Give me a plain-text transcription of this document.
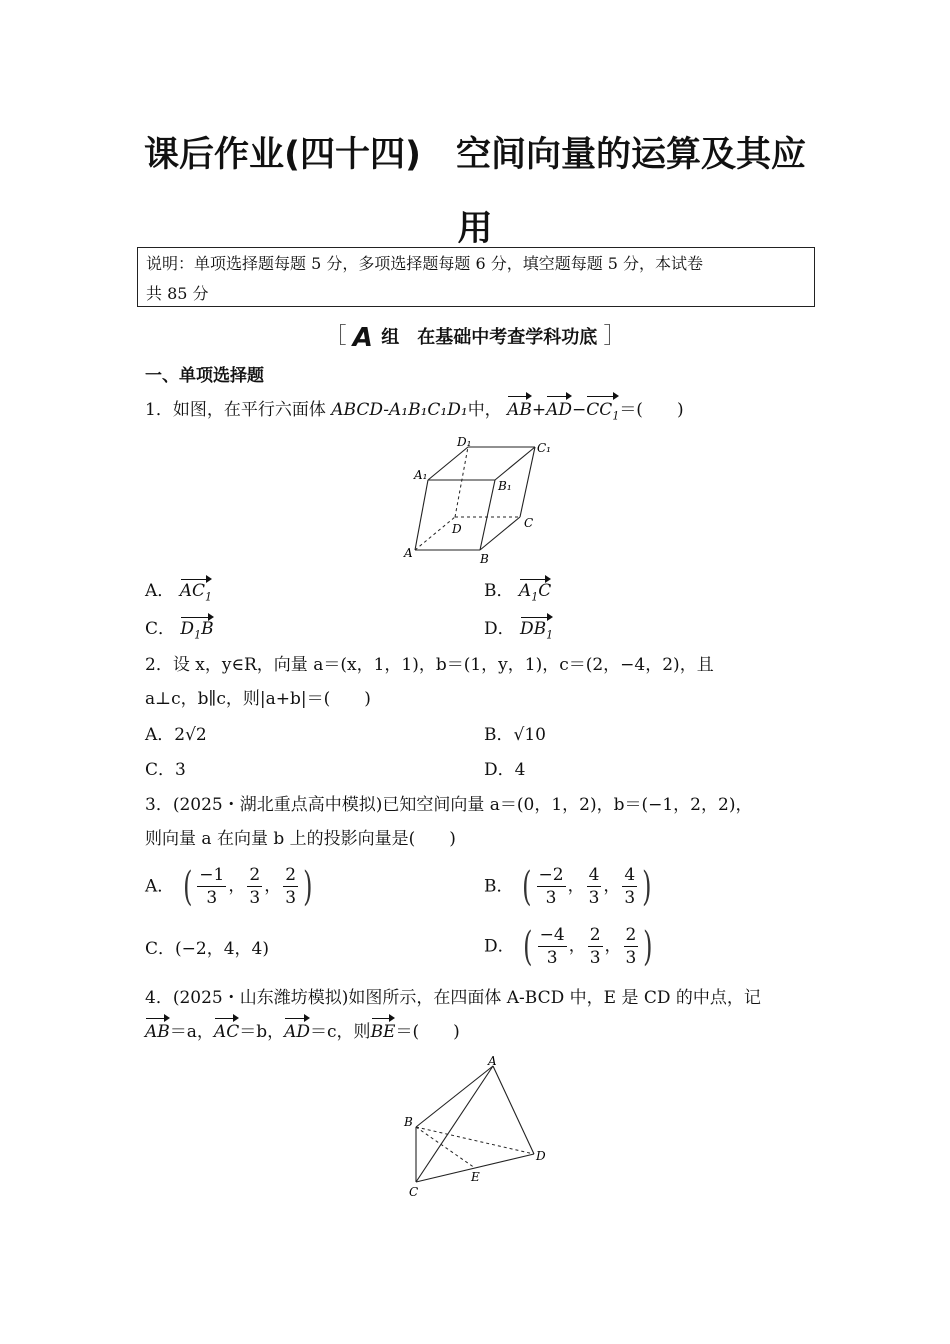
课后作业(四十四)　空间向量的运算及其应
用
说明：单项选择题每题 5 分，多项选择题每题 6 分，填空题每题 5 分，本试卷
共 85 分
［ A 组　在基础中考查学科功底 ］
一、单项选择题
1．如图，在平行六面体 ABCD-A₁B₁C₁D₁中， $AB+AD-CC_1=$(　　)
D₁	C₁
A₁
B₁
D	C
A	B
A． $AC_1$	B． $A_1C$
C． $D_1B$	D． $DB_1$
2．设 x，y∈R，向量 a＝(x，1，1)，b＝(1，y，1)，c＝(2，−4，2)，且
a⊥c，b∥c，则|a+b|＝(　　)
A．2√2	B．√10
C．3	D．4
3．(2025・湖北重点高中模拟)已知空间向量 a＝(0，1，2)，b＝(−1，2，2)，
则向量 a 在向量 b 上的投影向量是(　　)
A． ( $\frac{-1}{3}$ ， $\frac{2}{3}$ ， $\frac{2}{3}$ )	B． ( $\frac{-2}{3}$ ， $\frac{4}{3}$ ， $\frac{4}{3}$ )
C．(−2，4，4)	D． ( $\frac{-4}{3}$ ， $\frac{2}{3}$ ， $\frac{2}{3}$ )
4．(2025・山东潍坊模拟)如图所示，在四面体 A-BCD 中，E 是 CD 的中点，记
AB＝a，AC＝b，AD＝c，则BE＝(　　)
A
B
D
E
C
